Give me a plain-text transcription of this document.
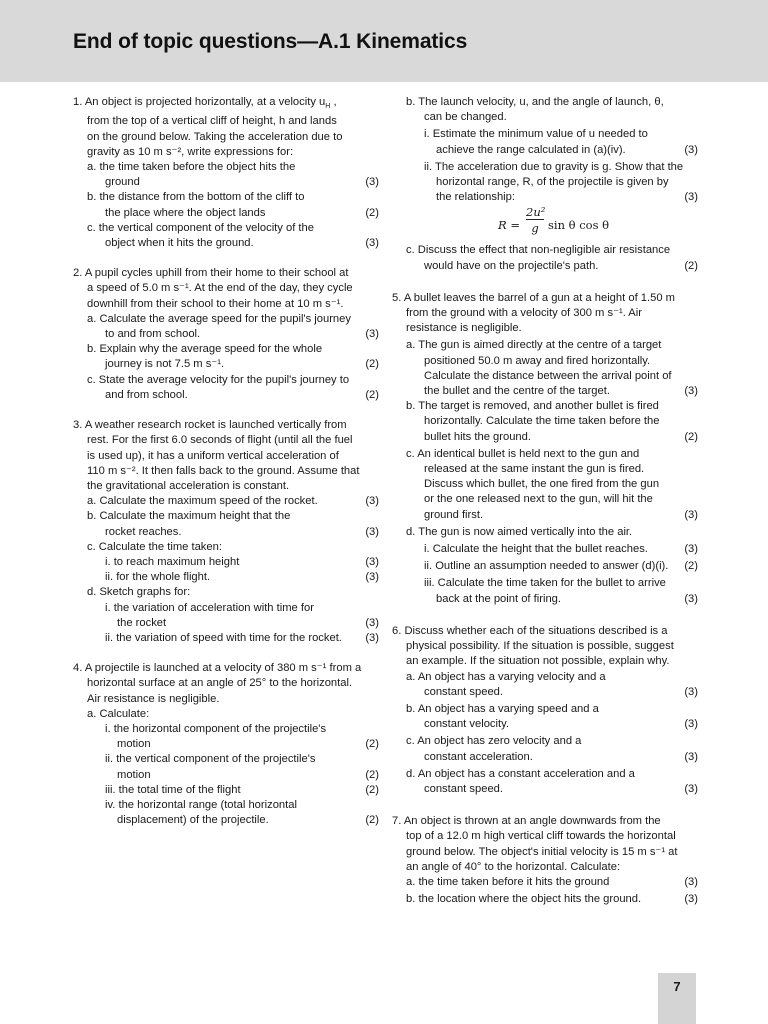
End of topic questions—A.1 Kinematics
1. An object is projected horizontally, at a velocity $u_H$ ,
from the top of a vertical cliff of height, h and lands
on the ground below. Taking the acceleration due to
gravity as 10 m s⁻², write expressions for:
a. the time taken before the object hits the
ground	(3)
b. the distance from the bottom of the cliff to
the place where the object lands	(2)
c. the vertical component of the velocity of the
object when it hits the ground.	(3)
2. A pupil cycles uphill from their home to their school at
a speed of 5.0 m s⁻¹. At the end of the day, they cycle
downhill from their school to their home at 10 m s⁻¹.
a. Calculate the average speed for the pupil's journey
to and from school.	(3)
b. Explain why the average speed for the whole
journey is not 7.5 m s⁻¹.	(2)
c. State the average velocity for the pupil's journey to
and from school.	(2)
3. A weather research rocket is launched vertically from
rest. For the first 6.0 seconds of flight (until all the fuel
is used up), it has a uniform vertical acceleration of
110 m s⁻². It then falls back to the ground. Assume that
the gravitational acceleration is constant.
a. Calculate the maximum speed of the rocket.	(3)
b. Calculate the maximum height that the
rocket reaches.	(3)
c. Calculate the time taken:
i. to reach maximum height	(3)
ii. for the whole flight.	(3)
d. Sketch graphs for:
i. the variation of acceleration with time for
the rocket	(3)
ii. the variation of speed with time for the rocket. (3)
4. A projectile is launched at a velocity of 380 m s⁻¹ from a
horizontal surface at an angle of 25° to the horizontal.
Air resistance is negligible.
a. Calculate:
i. the horizontal component of the projectile's
motion	(2)
ii. the vertical component of the projectile's
motion	(2)
iii. the total time of the flight	(2)
iv. the horizontal range (total horizontal
displacement) of the projectile.	(2)
b. The launch velocity, u, and the angle of launch, θ,
can be changed.
i. Estimate the minimum value of u needed to
achieve the range calculated in (a)(iv).	(3)
ii. The acceleration due to gravity is g. Show that the
horizontal range, R, of the projectile is given by
the relationship:	(3)
$R = \frac{\text{2u²}}{g}$ sin θ cos θ
c. Discuss the effect that non-negligible air resistance
would have on the projectile's path.	(2)
5. A bullet leaves the barrel of a gun at a height of 1.50 m
from the ground with a velocity of 300 m s⁻¹. Air
resistance is negligible.
a. The gun is aimed directly at the centre of a target
positioned 50.0 m away and fired horizontally.
Calculate the distance between the arrival point of
the bullet and the centre of the target.	(3)
b. The target is removed, and another bullet is fired
horizontally. Calculate the time taken before the
bullet hits the ground.	(2)
c. An identical bullet is held next to the gun and
released at the same instant the gun is fired.
Discuss which bullet, the one fired from the gun
or the one released next to the gun, will hit the
ground first.	(3)
d. The gun is now aimed vertically into the air.
i. Calculate the height that the bullet reaches.	(3)
ii. Outline an assumption needed to answer (d)(i). (2)
iii. Calculate the time taken for the bullet to arrive
back at the point of firing.	(3)
6. Discuss whether each of the situations described is a
physical possibility. If the situation is possible, suggest
an example. If the situation not possible, explain why.
a. An object has a varying velocity and a
constant speed.	(3)
b. An object has a varying speed and a
constant velocity.	(3)
c. An object has zero velocity and a
constant acceleration.	(3)
d. An object has a constant acceleration and a
constant speed.	(3)
7. An object is thrown at an angle downwards from the
top of a 12.0 m high vertical cliff towards the horizontal
ground below. The object's initial velocity is 15 m s⁻¹ at
an angle of 40° to the horizontal. Calculate:
a. the time taken before it hits the ground	(3)
b. the location where the object hits the ground.	(3)
7
